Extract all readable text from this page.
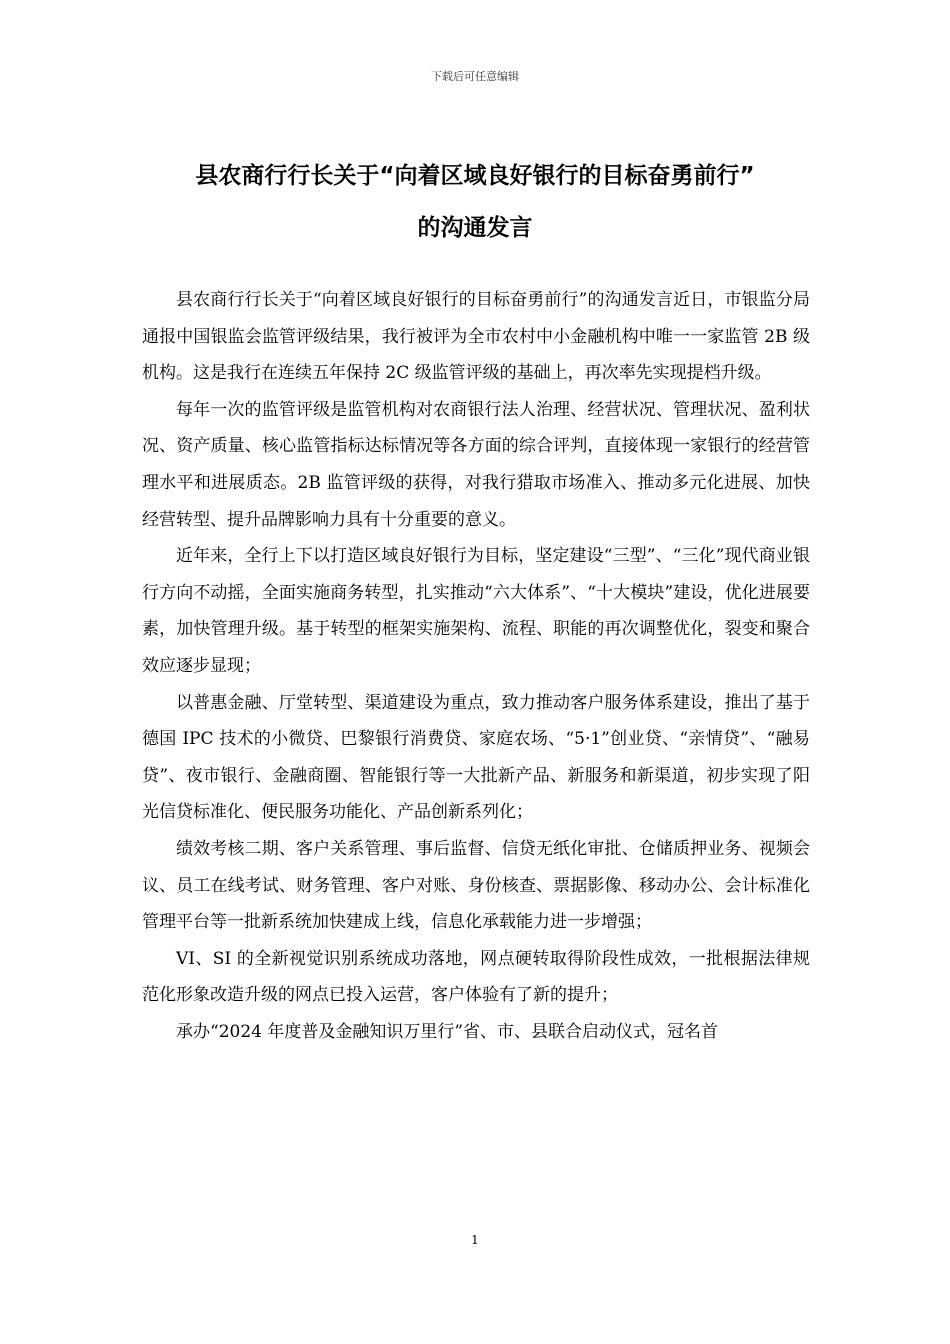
下载后可任意编辑
县农商行行长关于“向着区域良好银行的目标奋勇前行”
的沟通发言

县农商行行长关于“向着区域良好银行的目标奋勇前行”的沟通发言近日，市银监分局通报中国银监会监管评级结果，我行被评为全市农村中小金融机构中唯一一家监管 2B 级机构。这是我行在连续五年保持 2C 级监管评级的基础上，再次率先实现提档升级。

每年一次的监管评级是监管机构对农商银行法人治理、经营状况、管理状况、盈利状况、资产质量、核心监管指标达标情况等各方面的综合评判，直接体现一家银行的经营管理水平和进展质态。2B 监管评级的获得，对我行猎取市场准入、推动多元化进展、加快经营转型、提升品牌影响力具有十分重要的意义。

近年来，全行上下以打造区域良好银行为目标，坚定建设“三型”、“三化”现代商业银行方向不动摇，全面实施商务转型，扎实推动“六大体系”、“十大模块”建设，优化进展要素，加快管理升级。基于转型的框架实施架构、流程、职能的再次调整优化，裂变和聚合效应逐步显现；

以普惠金融、厅堂转型、渠道建设为重点，致力推动客户服务体系建设，推出了基于德国 IPC 技术的小微贷、巴黎银行消费贷、家庭农场、“5·1”创业贷、“亲情贷”、“融易贷”、夜市银行、金融商圈、智能银行等一大批新产品、新服务和新渠道，初步实现了阳光信贷标准化、便民服务功能化、产品创新系列化；

绩效考核二期、客户关系管理、事后监督、信贷无纸化审批、仓储质押业务、视频会议、员工在线考试、财务管理、客户对账、身份核查、票据影像、移动办公、会计标准化管理平台等一批新系统加快建成上线，信息化承载能力进一步增强；

VI、SI 的全新视觉识别系统成功落地，网点硬转取得阶段性成效，一批根据法律规范化形象改造升级的网点已投入运营，客户体验有了新的提升；

承办“2024 年度普及金融知识万里行”省、市、县联合启动仪式，冠名首

1
